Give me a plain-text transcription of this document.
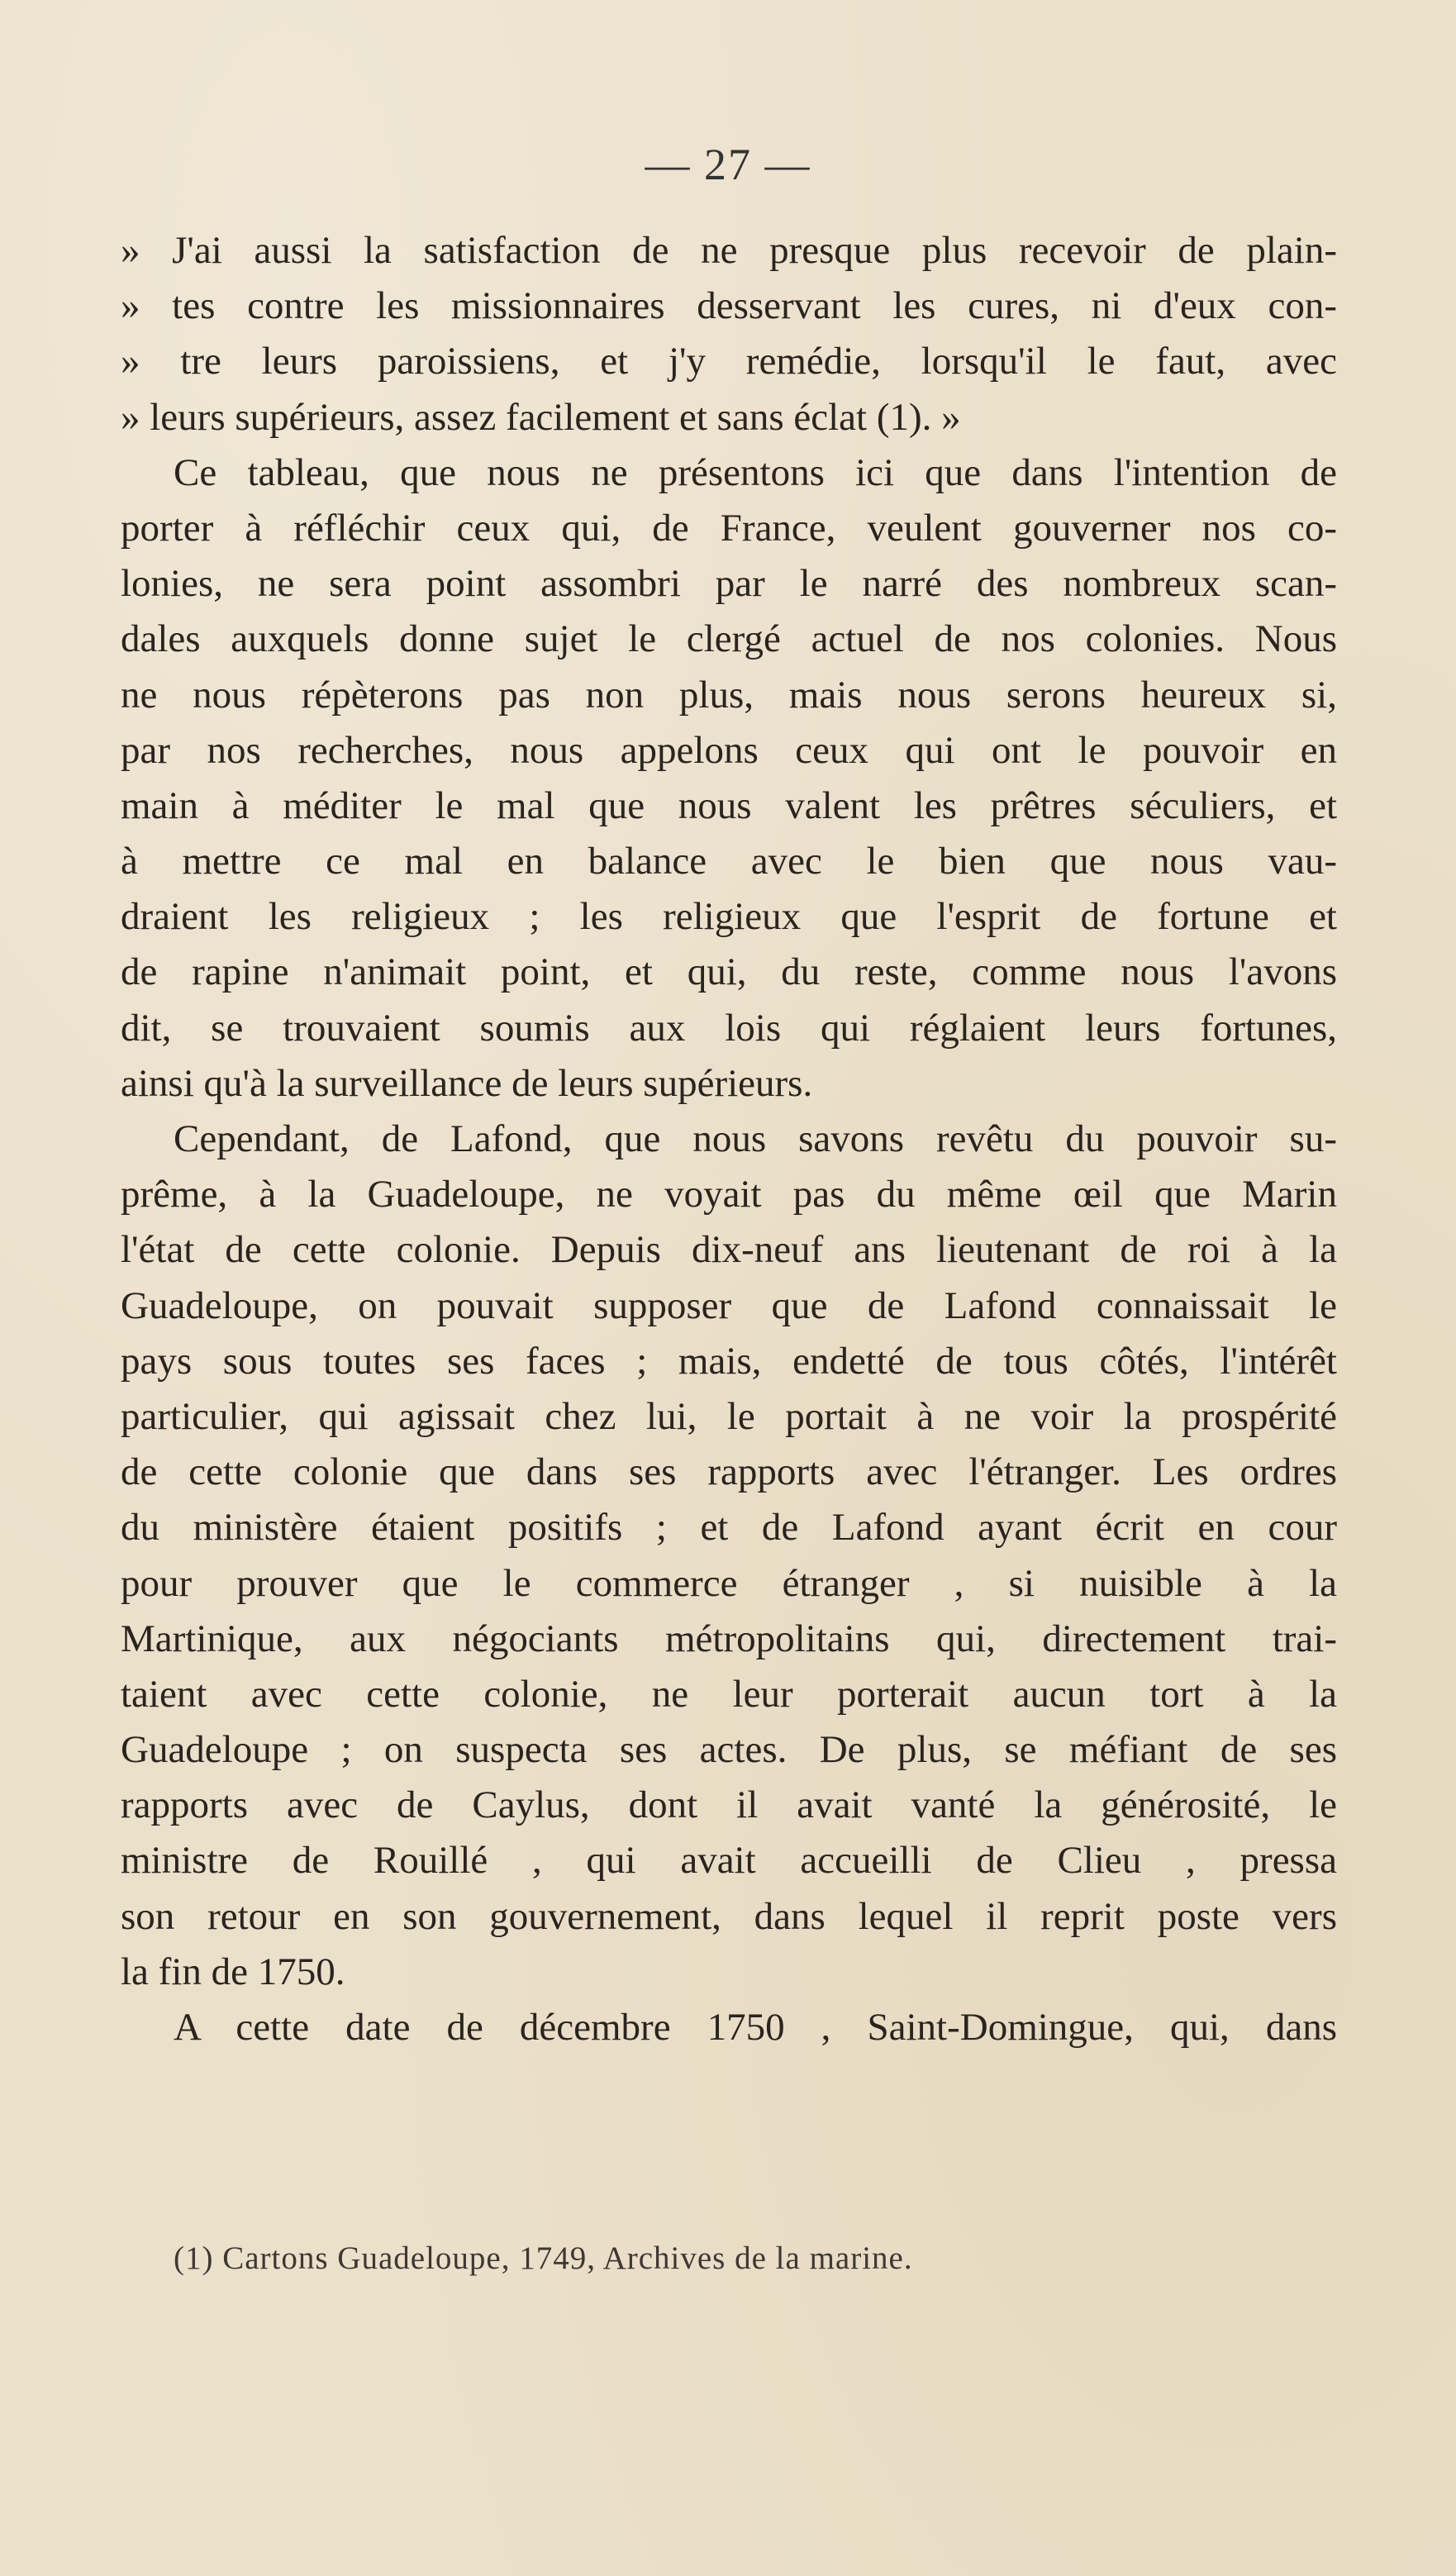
— 27 —
» J'ai aussi la satisfaction de ne presque plus recevoir de plain-
» tes contre les missionnaires desservant les cures, ni d'eux con-
» tre leurs paroissiens, et j'y remédie, lorsqu'il le faut, avec
» leurs supérieurs, assez facilement et sans éclat (1). »
Ce tableau, que nous ne présentons ici que dans l'intention de
porter à réfléchir ceux qui, de France, veulent gouverner nos co-
lonies, ne sera point assombri par le narré des nombreux scan-
dales auxquels donne sujet le clergé actuel de nos colonies. Nous
ne nous répèterons pas non plus, mais nous serons heureux si,
par nos recherches, nous appelons ceux qui ont le pouvoir en
main à méditer le mal que nous valent les prêtres séculiers, et
à mettre ce mal en balance avec le bien que nous vau-
draient les religieux ; les religieux que l'esprit de fortune et
de rapine n'animait point, et qui, du reste, comme nous l'avons
dit, se trouvaient soumis aux lois qui réglaient leurs fortunes,
ainsi qu'à la surveillance de leurs supérieurs.
Cependant, de Lafond, que nous savons revêtu du pouvoir su-
prême, à la Guadeloupe, ne voyait pas du même œil que Marin
l'état de cette colonie. Depuis dix-neuf ans lieutenant de roi à la
Guadeloupe, on pouvait supposer que de Lafond connaissait le
pays sous toutes ses faces ; mais, endetté de tous côtés, l'intérêt
particulier, qui agissait chez lui, le portait à ne voir la prospérité
de cette colonie que dans ses rapports avec l'étranger. Les ordres
du ministère étaient positifs ; et de Lafond ayant écrit en cour
pour prouver que le commerce étranger , si nuisible à la
Martinique, aux négociants métropolitains qui, directement trai-
taient avec cette colonie, ne leur porterait aucun tort à la
Guadeloupe ; on suspecta ses actes. De plus, se méfiant de ses
rapports avec de Caylus, dont il avait vanté la générosité, le
ministre de Rouillé , qui avait accueilli de Clieu , pressa
son retour en son gouvernement, dans lequel il reprit poste vers
la fin de 1750.
A cette date de décembre 1750 , Saint-Domingue, qui, dans
(1) Cartons Guadeloupe, 1749, Archives de la marine.
